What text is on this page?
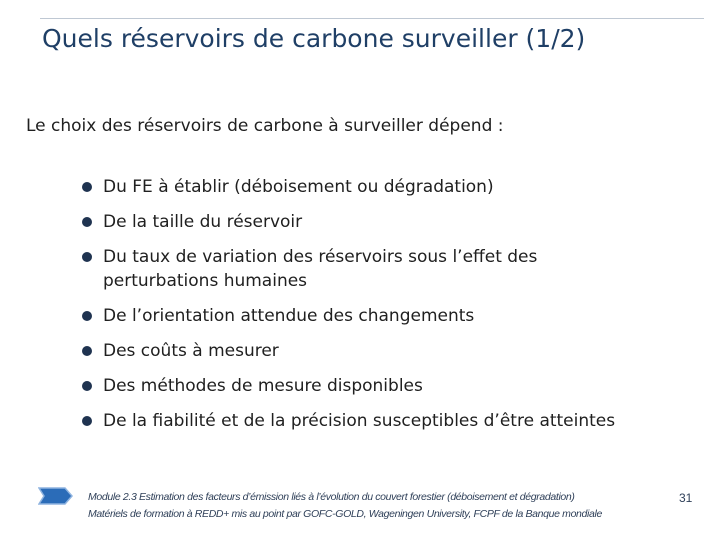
Quels réservoirs de carbone surveiller (1/2)
Le choix des réservoirs de carbone à surveiller dépend :
Du FE à établir (déboisement ou dégradation)
De la taille du réservoir
Du taux de variation des réservoirs sous l’effet des perturbations humaines
De l’orientation attendue des changements
Des coûts à mesurer
Des méthodes de mesure disponibles
De la fiabilité et de la précision susceptibles d’être atteintes
Module 2.3 Estimation des facteurs d’émission liés à l’évolution du couvert forestier (déboisement et dégradation)
Matériels de formation à REDD+ mis au point par GOFC-GOLD, Wageningen University, FCPF de la Banque mondiale
31
